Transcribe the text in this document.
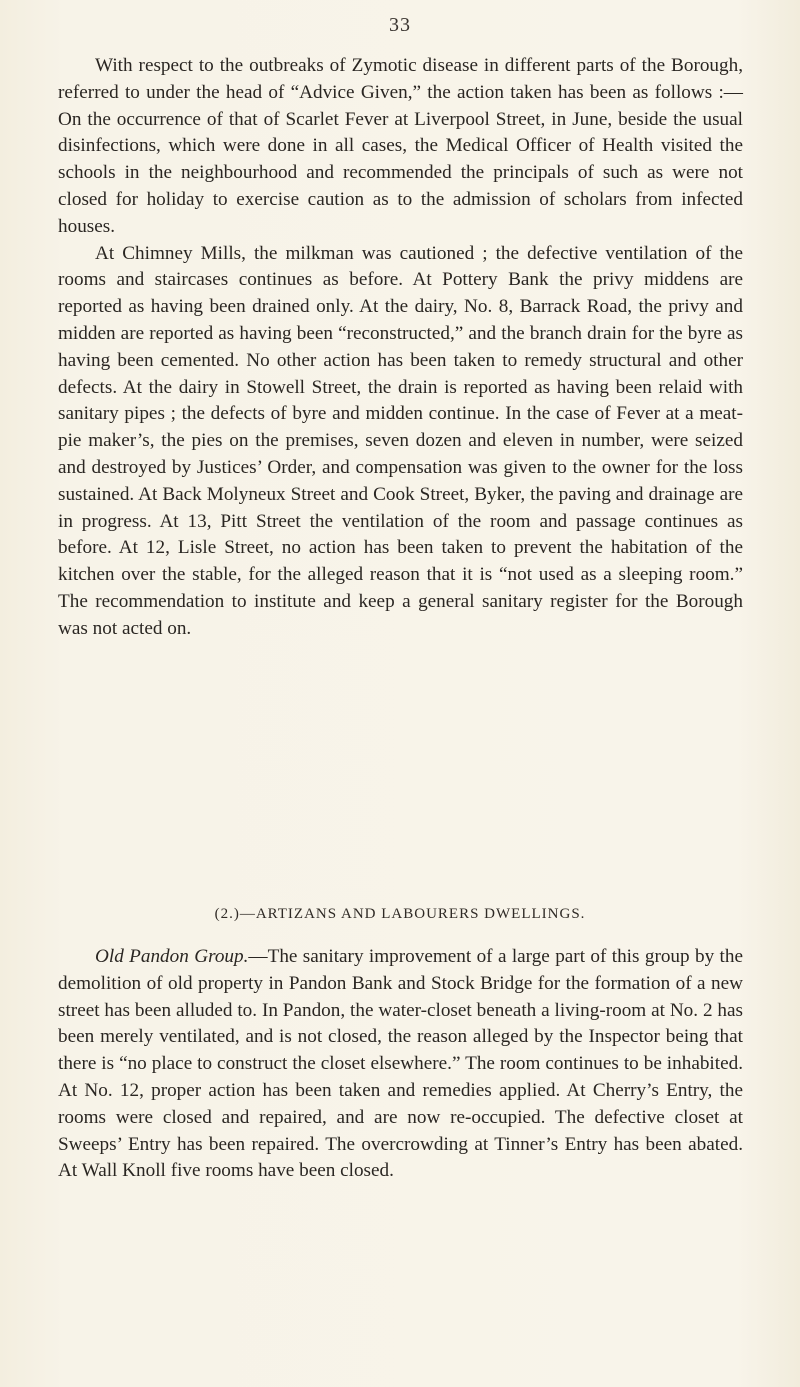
33

With respect to the outbreaks of Zymotic disease in different parts of the Borough, referred to under the head of “Advice Given,” the action taken has been as follows :—On the occurrence of that of Scarlet Fever at Liverpool Street, in June, beside the usual disinfections, which were done in all cases, the Medical Officer of Health visited the schools in the neighbourhood and recommended the principals of such as were not closed for holiday to exercise caution as to the admission of scholars from infected houses.

At Chimney Mills, the milkman was cautioned ; the defective ventilation of the rooms and staircases continues as before. At Pottery Bank the privy middens are reported as having been drained only. At the dairy, No. 8, Barrack Road, the privy and midden are reported as having been “reconstructed,” and the branch drain for the byre as having been cemented. No other action has been taken to remedy structural and other defects. At the dairy in Stowell Street, the drain is reported as having been relaid with sanitary pipes ; the defects of byre and midden continue. In the case of Fever at a meat-pie maker’s, the pies on the premises, seven dozen and eleven in number, were seized and destroyed by Justices’ Order, and compensation was given to the owner for the loss sustained. At Back Molyneux Street and Cook Street, Byker, the paving and drainage are in progress. At 13, Pitt Street the ventilation of the room and passage continues as before. At 12, Lisle Street, no action has been taken to prevent the habitation of the kitchen over the stable, for the alleged reason that it is “not used as a sleeping room.” The recommendation to institute and keep a general sanitary register for the Borough was not acted on.

(2.)—ARTIZANS AND LABOURERS DWELLINGS.

Old Pandon Group.—The sanitary improvement of a large part of this group by the demolition of old property in Pandon Bank and Stock Bridge for the formation of a new street has been alluded to. In Pandon, the water-closet beneath a living-room at No. 2 has been merely ventilated, and is not closed, the reason alleged by the Inspector being that there is “no place to construct the closet elsewhere.” The room continues to be inhabited. At No. 12, proper action has been taken and remedies applied. At Cherry’s Entry, the rooms were closed and repaired, and are now re-occupied. The defective closet at Sweeps’ Entry has been repaired. The overcrowding at Tinner’s Entry has been abated. At Wall Knoll five rooms have been closed.
